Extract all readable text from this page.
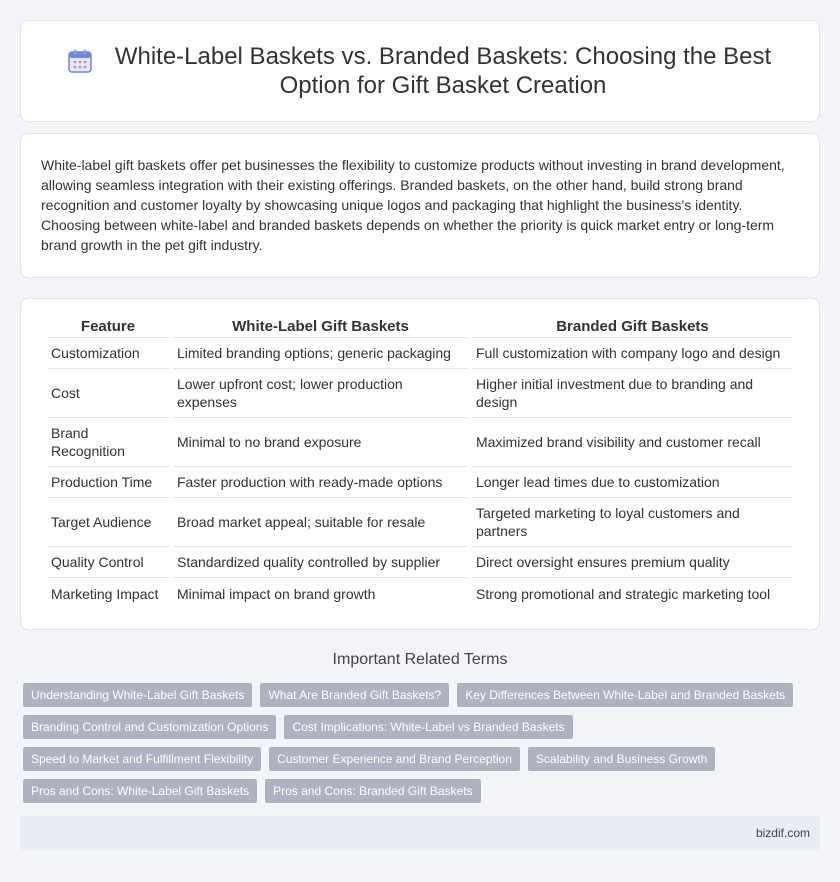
White-Label Baskets vs. Branded Baskets: Choosing the Best Option for Gift Basket Creation

White-label gift baskets offer pet businesses the flexibility to customize products without investing in brand development, allowing seamless integration with their existing offerings. Branded baskets, on the other hand, build strong brand recognition and customer loyalty by showcasing unique logos and packaging that highlight the business's identity. Choosing between white-label and branded baskets depends on whether the priority is quick market entry or long-term brand growth in the pet gift industry.

Feature	White-Label Gift Baskets	Branded Gift Baskets
Customization	Limited branding options; generic packaging	Full customization with company logo and design
Cost	Lower upfront cost; lower production expenses	Higher initial investment due to branding and design
Brand Recognition	Minimal to no brand exposure	Maximized brand visibility and customer recall
Production Time	Faster production with ready-made options	Longer lead times due to customization
Target Audience	Broad market appeal; suitable for resale	Targeted marketing to loyal customers and partners
Quality Control	Standardized quality controlled by supplier	Direct oversight ensures premium quality
Marketing Impact	Minimal impact on brand growth	Strong promotional and strategic marketing tool
Important Related Terms
Understanding White-Label Gift Baskets	What Are Branded Gift Baskets?	Key Differences Between White-Label and Branded Baskets
Branding Control and Customization Options	Cost Implications: White-Label vs Branded Baskets
Speed to Market and Fulfillment Flexibility	Customer Experience and Brand Perception	Scalability and Business Growth
Pros and Cons: White-Label Gift Baskets	Pros and Cons: Branded Gift Baskets
bizdif.com
